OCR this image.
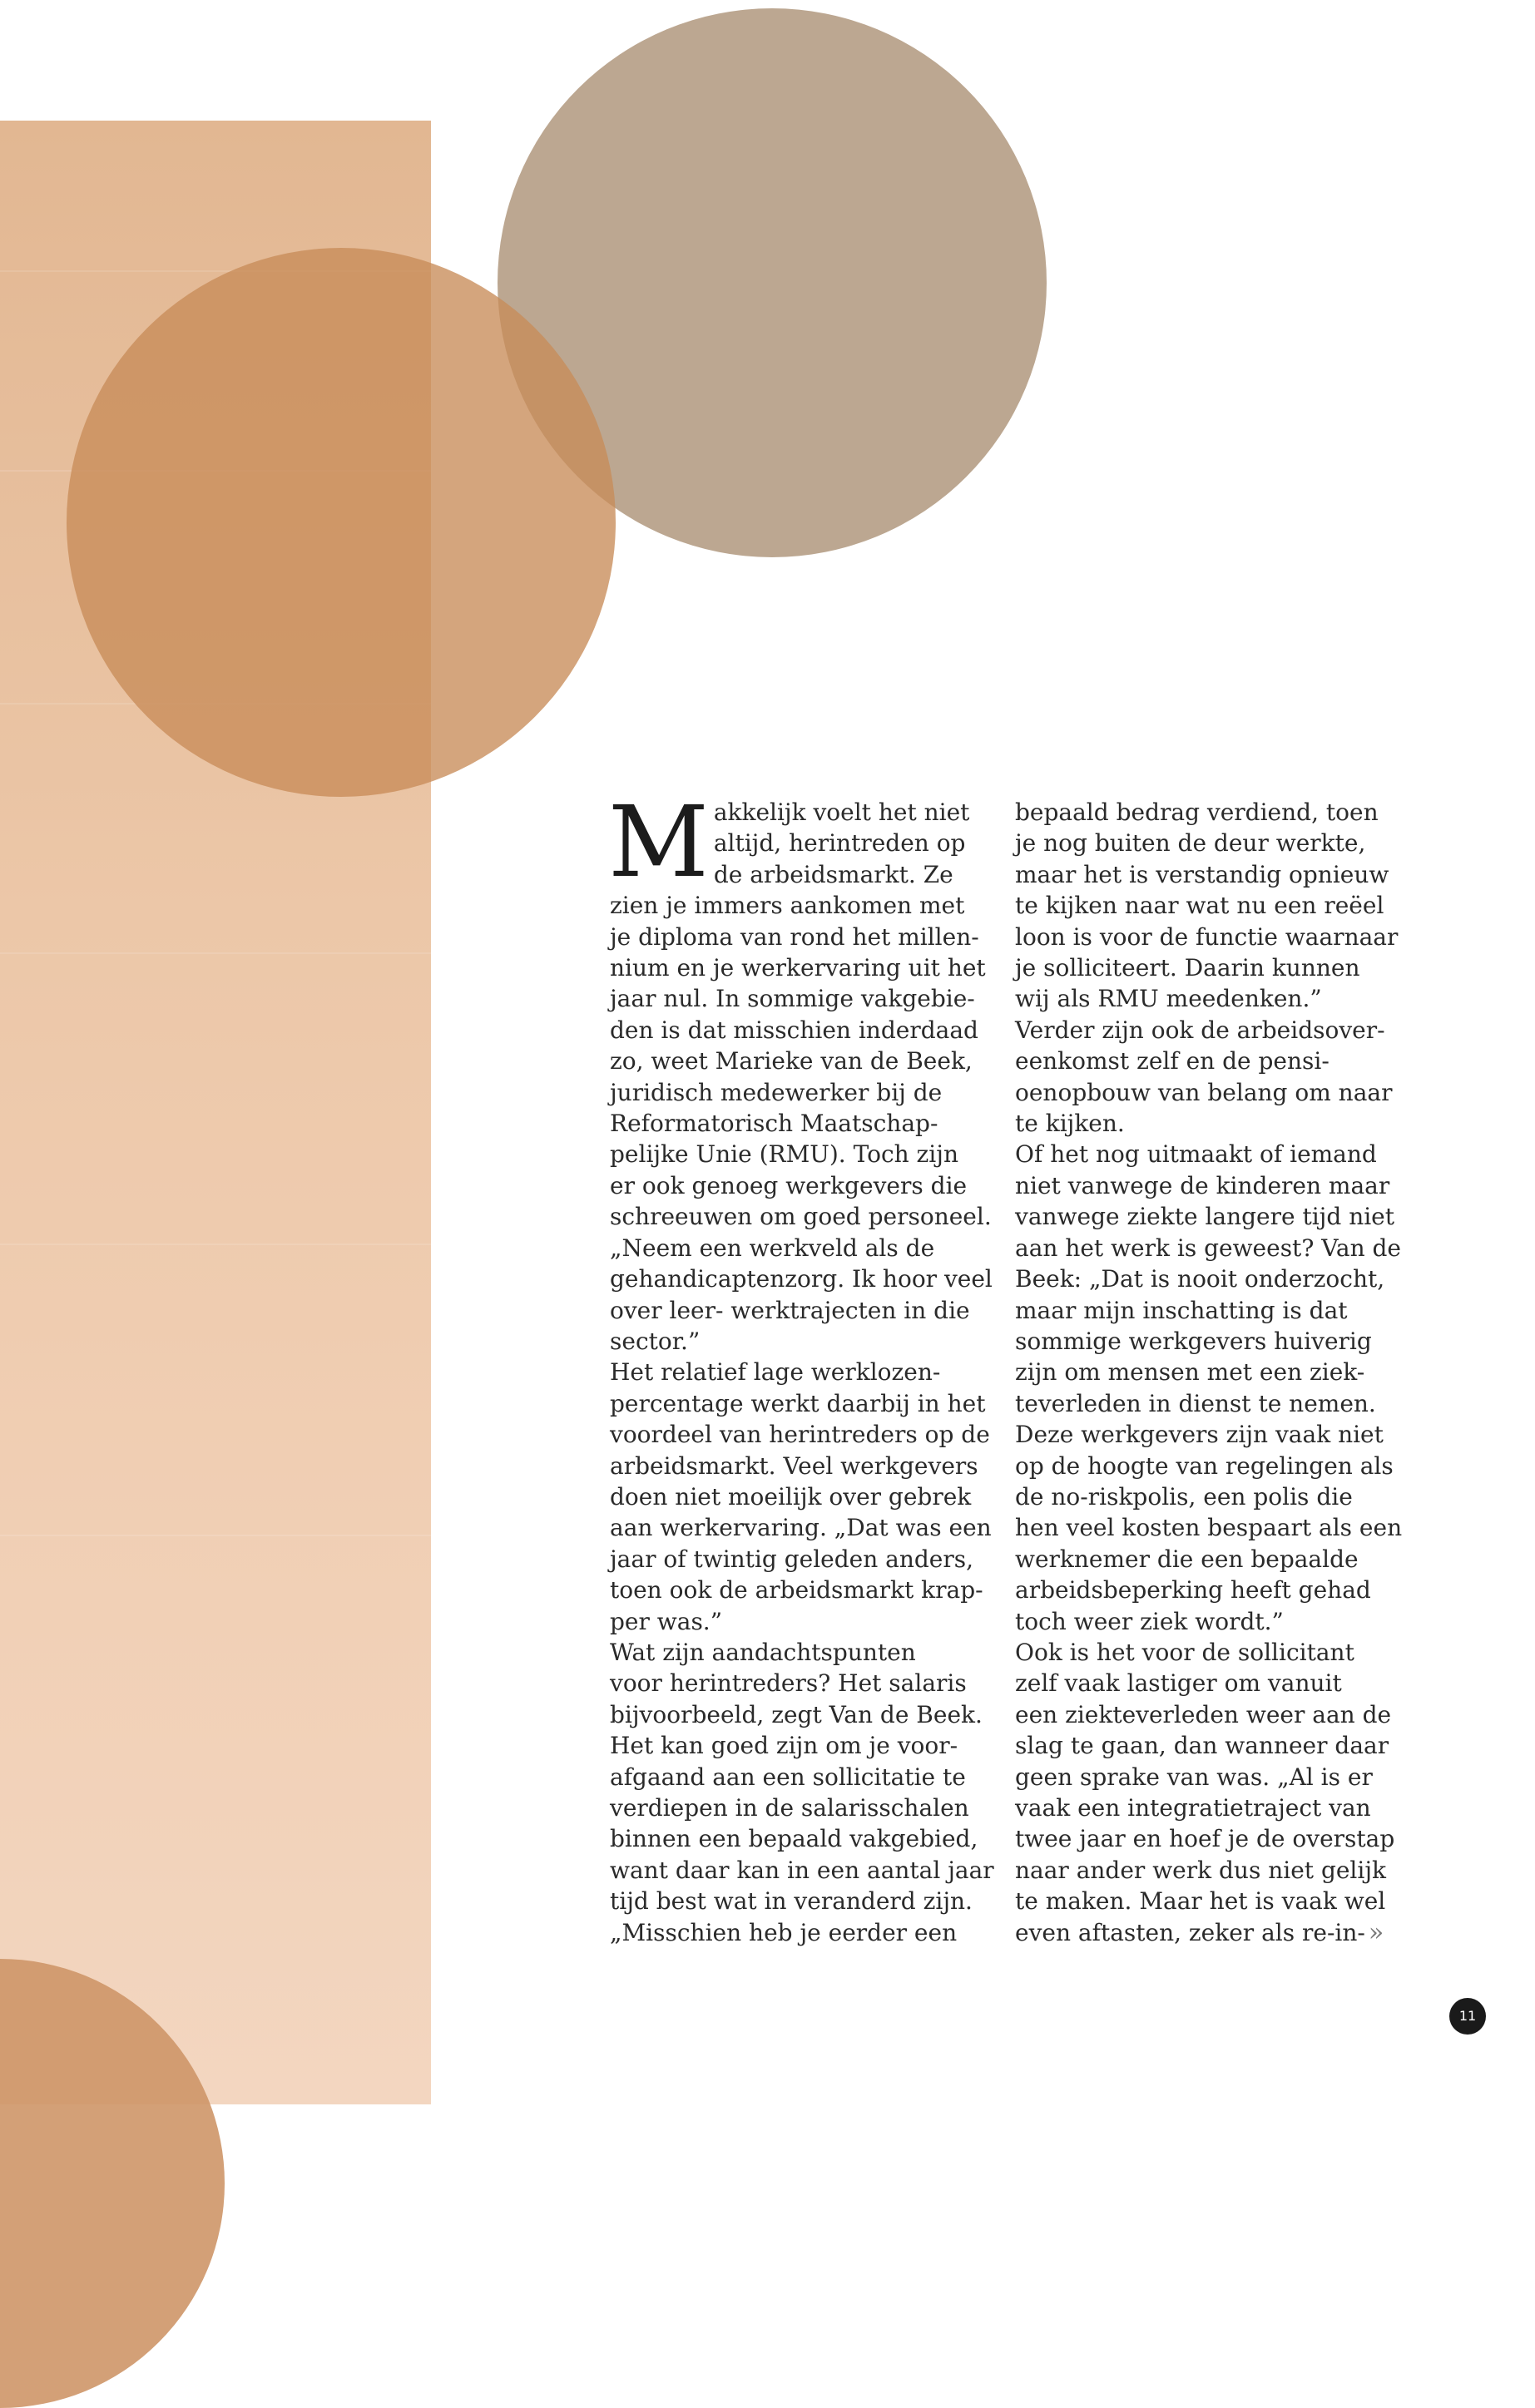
M akkelijk voelt het niet

altijd, herintreden op

de arbeidsmarkt. Ze

zien je immers aankomen met

je diploma van rond het millen-

nium en je werkervaring uit het

jaar nul. In sommige vakgebie-

den is dat misschien inderdaad

zo, weet Marieke van de Beek,

juridisch medewerker bij de

Reformatorisch Maatschap-

pelijke Unie (RMU). Toch zijn

er ook genoeg werkgevers die

schreeuwen om goed personeel.

„Neem een werkveld als de

gehandicaptenzorg. Ik hoor veel

over leer- werktrajecten in die

sector.”

Het relatief lage werklozen-

percentage werkt daarbij in het

voordeel van herintreders op de

arbeidsmarkt. Veel werkgevers

doen niet moeilijk over gebrek

aan werkervaring. „Dat was een

jaar of twintig geleden anders,

toen ook de arbeidsmarkt krap-

per was.”

Wat zijn aandachtspunten

voor herintreders? Het salaris

bijvoorbeeld, zegt Van de Beek.

Het kan goed zijn om je voor-

afgaand aan een sollicitatie te

verdiepen in de salarisschalen

binnen een bepaald vakgebied,

want daar kan in een aantal jaar

tijd best wat in veranderd zijn.

„Misschien heb je eerder een

bepaald bedrag verdiend, toen

je nog buiten de deur werkte,

maar het is verstandig opnieuw

te kijken naar wat nu een reëel

loon is voor de functie waarnaar

je solliciteert. Daarin kunnen

wij als RMU meedenken.”

Verder zijn ook de arbeidsover-

eenkomst zelf en de pensi-

oenopbouw van belang om naar

te kijken.

Of het nog uitmaakt of iemand

niet vanwege de kinderen maar

vanwege ziekte langere tijd niet

aan het werk is geweest? Van de

Beek: „Dat is nooit onderzocht,

maar mijn inschatting is dat

sommige werkgevers huiverig

zijn om mensen met een ziek-

teverleden in dienst te nemen.

Deze werkgevers zijn vaak niet

op de hoogte van regelingen als

de no-riskpolis, een polis die

hen veel kosten bespaart als een

werknemer die een bepaalde

arbeidsbeperking heeft gehad

toch weer ziek wordt.”

Ook is het voor de sollicitant

zelf vaak lastiger om vanuit

een ziekteverleden weer aan de

slag te gaan, dan wanneer daar

geen sprake van was. „Al is er

vaak een integratietraject van

twee jaar en hoef je de overstap

naar ander werk dus niet gelijk

te maken. Maar het is vaak wel

even aftasten, zeker als re-in- »

11
